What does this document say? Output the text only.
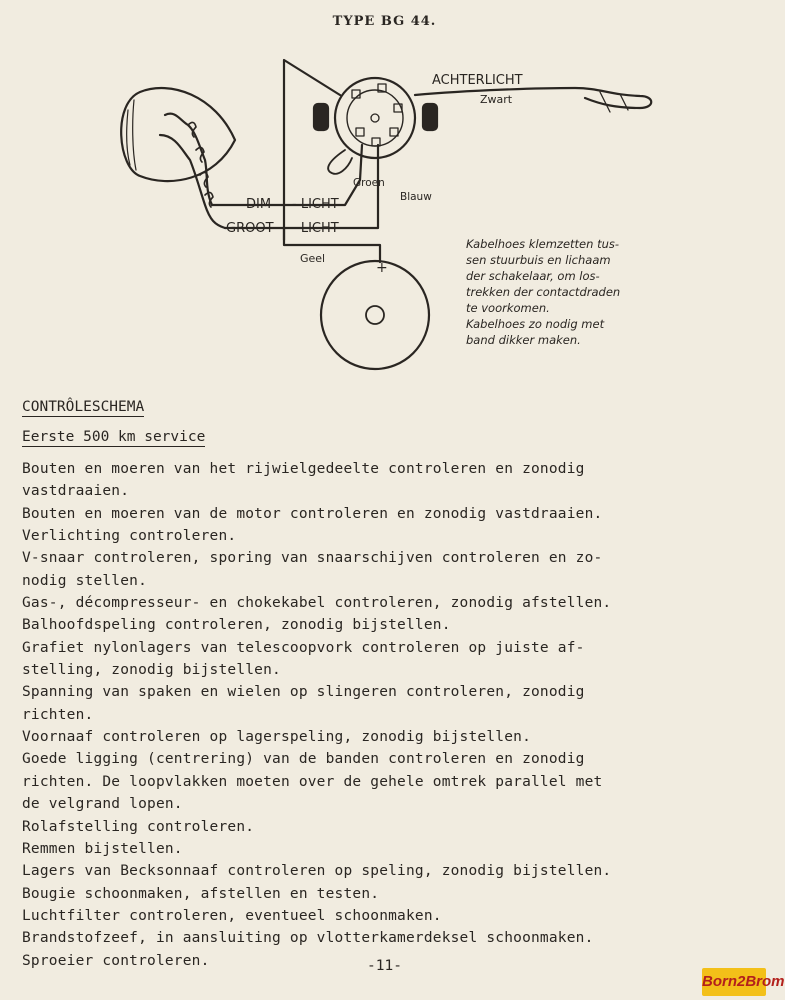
TYPE BG 44.
ACHTERLICHT
Zwart
Groen
Blauw
DIM - LICHT
GROOT - LICHT
Geel
+
Kabelhoes klemzetten tus-
sen stuurbuis en lichaam
der schakelaar, om los-
trekken der contactdraden
te voorkomen.
Kabelhoes zo nodig met
band dikker maken.
CONTRÔLESCHEMA
Eerste 500 km service
Bouten en moeren van het rijwielgedeelte controleren en zonodig
vastdraaien.
Bouten en moeren van de motor controleren en zonodig vastdraaien.
Verlichting controleren.
V-snaar controleren, sporing van snaarschijven controleren en zo-
nodig stellen.
Gas-, décompresseur- en chokekabel controleren, zonodig afstellen.
Balhoofdspeling controleren, zonodig bijstellen.
Grafiet nylonlagers van telescoopvork controleren op juiste af-
stelling, zonodig bijstellen.
Spanning van spaken en wielen op slingeren controleren, zonodig
richten.
Voornaaf controleren op lagerspeling, zonodig bijstellen.
Goede ligging (centrering) van de banden controleren en zonodig
richten. De loopvlakken moeten over de gehele omtrek parallel met
de velgrand lopen.
Rolafstelling controleren.
Remmen bijstellen.
Lagers van Becksonnaaf controleren op speling, zonodig bijstellen.
Bougie schoonmaken, afstellen en testen.
Luchtfilter controleren, eventueel schoonmaken.
Brandstofzeef, in aansluiting op vlotterkamerdeksel schoonmaken.
Sproeier controleren.	-11-
Born2Brom
